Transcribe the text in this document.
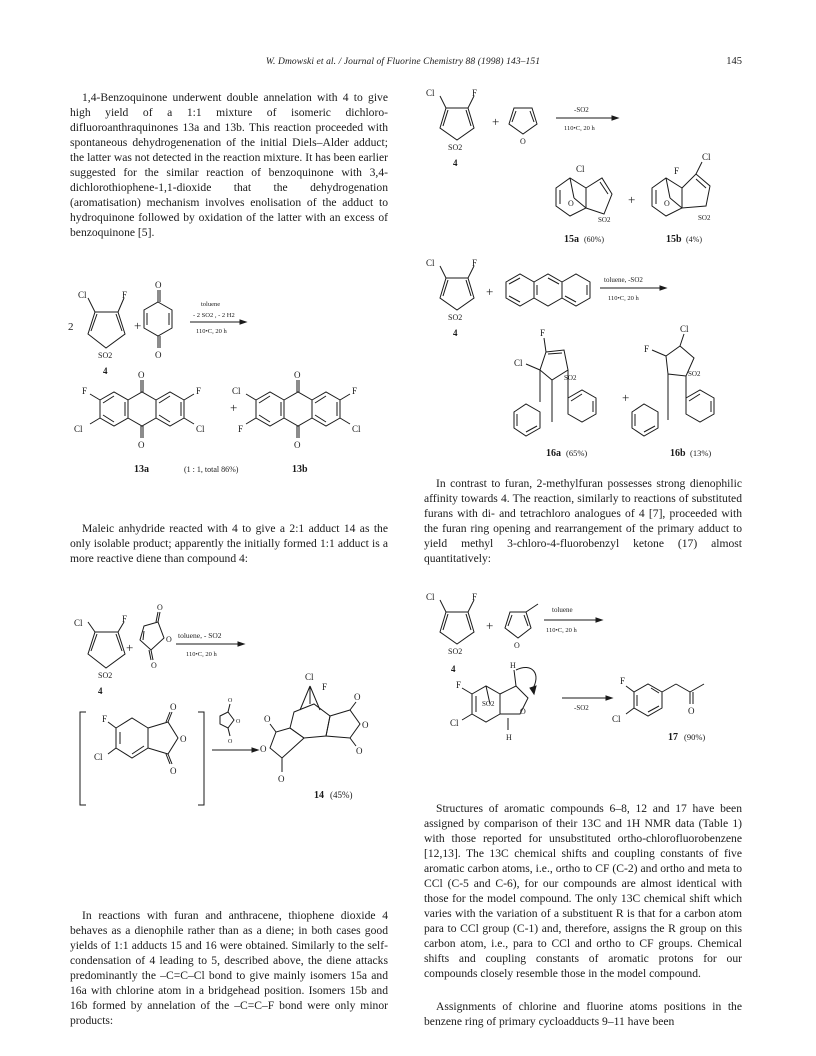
W. Dmowski et al. / Journal of Fluorine Chemistry 88 (1998) 143–151	145

1,4-Benzoquinone underwent double annelation with 4 to give high yield of a 1:1 mixture of isomeric dichloro-difluoroanthraquinones 13a and 13b. This reaction proceeded with spontaneous dehydrogenenation of the initial Diels–Alder adduct; the latter was not detected in the reaction mixture. It has been earlier suggested for the similar reaction of benzoquinone with 3,4-dichlorothiophene-1,1-dioxide that the dehydrogenation (aromatisation) mechanism involves enolisation of the adduct to hydroquinone followed by oxidation of the latter with an excess of benzoquinone [5].

Maleic anhydride reacted with 4 to give a 2:1 adduct 14 as the only isolable product; apparently the initially formed 1:1 adduct is a more reactive diene than compound 4:

In reactions with furan and anthracene, thiophene dioxide 4 behaves as a dienophile rather than as a diene; in both cases good yields of 1:1 adducts 15 and 16 were obtained. Similarly to the self-condensation of 4 leading to 5, described above, the diene attacks predominantly the –C=C–Cl bond to give mainly isomers 15a and 16a with chlorine atom in a bridgehead position. Isomers 15b and 16b formed by annelation of the –C=C–F bond were only minor products:

In contrast to furan, 2-methylfuran possesses strong dienophilic affinity towards 4. The reaction, similarly to reactions of substituted furans with di- and tetrachloro analogues of 4 [7], proceeded with the furan ring opening and rearrangement of the primary adduct to yield methyl 3-chloro-4-fluorobenzyl ketone (17) almost quantitatively:

Structures of aromatic compounds 6–8, 12 and 17 have been assigned by comparison of their 13C and 1H NMR data (Table 1) with those reported for unsubstituted ortho-chlorofluorobenzene [12,13]. The 13C chemical shifts and coupling constants of five aromatic carbon atoms, i.e., ortho to CF (C-2) and ortho and meta to CCl (C-5 and C-6), for our compounds are almost identical with those for the model compound. The only 13C chemical shift which varies with the variation of a substituent R is that for a carbon atom para to CCl group (C-1) and, therefore, assigns the R group on this carbon atom, i.e., para to CCl and ortho to CF groups. Chemical shifts and coupling constants of aromatic protons for our compounds closely resemble those in the model compound.

Assignments of chlorine and fluorine atoms positions in the benzene ring of primary cycloadducts 9–11 have been

2
Cl	F
SO2
4
+
O
O
toluene
- 2 SO2 , - 2 H2
110•C, 20 h
O
O
F
Cl
F
Cl
+
O
O
Cl
F
F
Cl
13a	(1 : 1, total 86%)	13b
Cl	F
SO2
4
+
O
O
O
toluene, - SO2
110•C, 20 h
F
Cl
O
O
O
O
O
O
Cl
F
O
O
O
O
O
O
14 (45%)
Cl	F
SO2
4
+
O
-SO2
110•C, 20 h
Cl
O
SO2
+
F
Cl
O
SO2
15a (60%)	15b (4%)
Cl	F
SO2
4
+
toluene, -SO2
110•C, 20 h
F
Cl
SO2
+
Cl
F
SO2
16a (65%)	16b (13%)
Cl	F
SO2
4
+
O
toluene
110•C, 20 h
H
H
F
Cl
SO2
O	-SO2
F
Cl
O
17 (90%)
